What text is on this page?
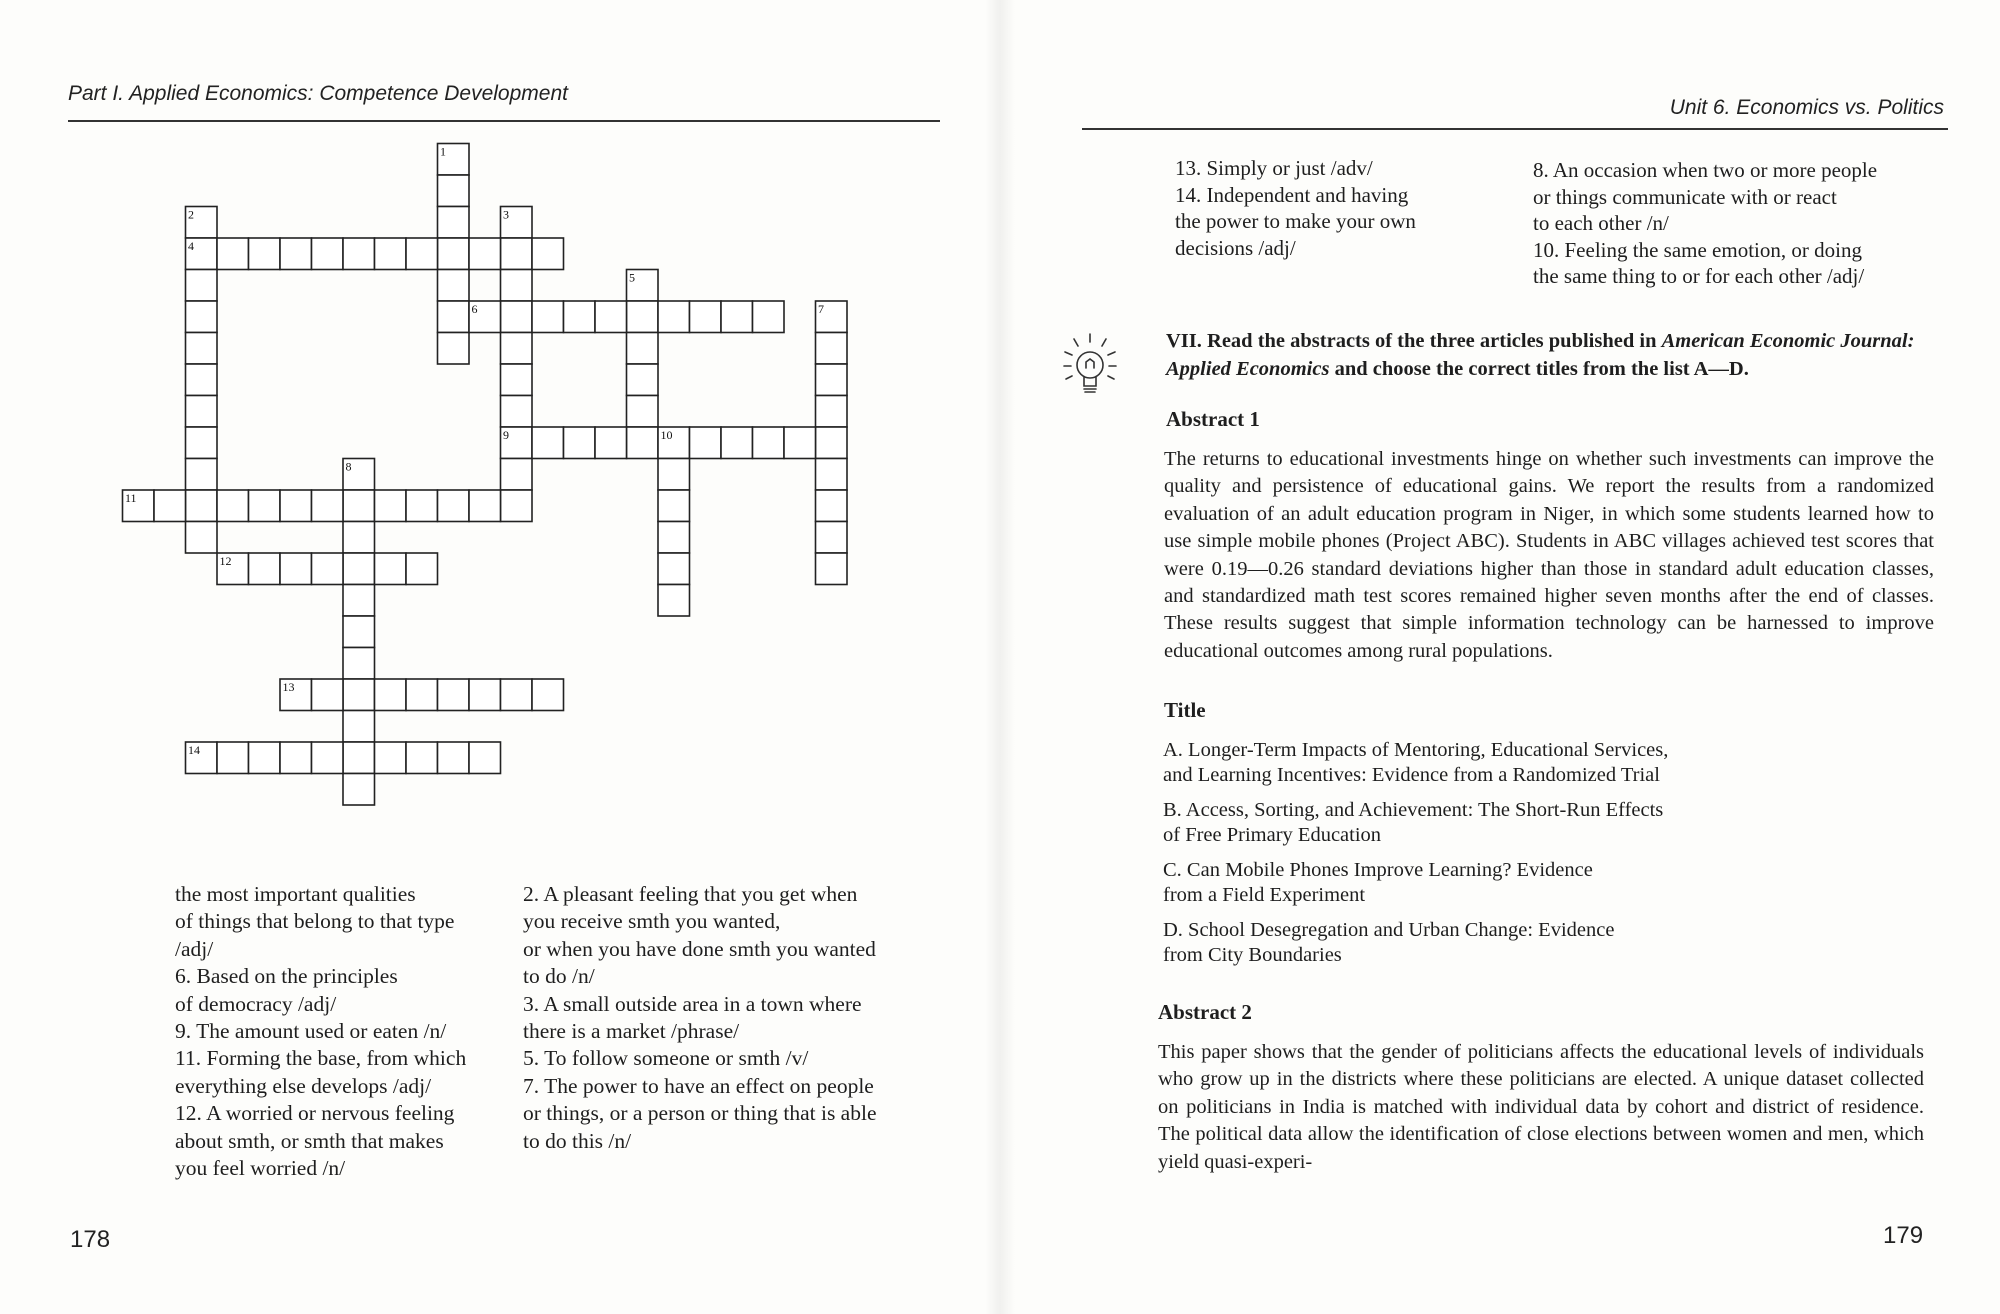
Part I. Applied Economics: Competence Development
1
2	3
4
5
6	7
8
9	10
11
12
13
14
the most important qualities
of things that belong to that type
/adj/
6. Based on the principles
of democracy /adj/
9. The amount used or eaten /n/
11. Forming the base, from which
everything else develops /adj/
12. A worried or nervous feeling
about smth, or smth that makes
you feel worried /n/
2. A pleasant feeling that you get when
you receive smth you wanted,
or when you have done smth you wanted
to do /n/
3. A small outside area in a town where
there is a market /phrase/
5. To follow someone or smth /v/
7. The power to have an effect on people
or things, or a person or thing that is able
to do this /n/
178
Unit 6. Economics vs. Politics
13. Simply or just /adv/
14. Independent and having
the power to make your own
decisions /adj/
8. An occasion when two or more people
or things communicate with or react
to each other /n/
10. Feeling the same emotion, or doing
the same thing to or for each other /adj/
VII. Read the abstracts of the three articles published in American Economic Journal: Applied Economics and choose the correct titles from the list A—D.
Abstract 1
The returns to educational investments hinge on whether such investments can improve the quality and persistence of educational gains. We report the results from a randomized evaluation of an adult education program in Niger, in which some students learned how to use simple mobile phones (Project ABC). Students in ABC villages achieved test scores that were 0.19—0.26 standard deviations higher than those in standard adult education classes, and standardized math test scores remained higher seven months after the end of classes. These results suggest that simple information technology can be harnessed to improve educational outcomes among rural populations.
Title
A. Longer-Term Impacts of Mentoring, Educational Services,
and Learning Incentives: Evidence from a Randomized Trial
B. Access, Sorting, and Achievement: The Short-Run Effects
of Free Primary Education
C. Can Mobile Phones Improve Learning? Evidence
from a Field Experiment
D. School Desegregation and Urban Change: Evidence
from City Boundaries
Abstract 2
This paper shows that the gender of politicians affects the educational levels of individuals who grow up in the districts where these politicians are elected. A unique dataset collected on politicians in India is matched with individual data by cohort and district of residence. The political data allow the identification of close elections between women and men, which yield quasi-experi-
179
